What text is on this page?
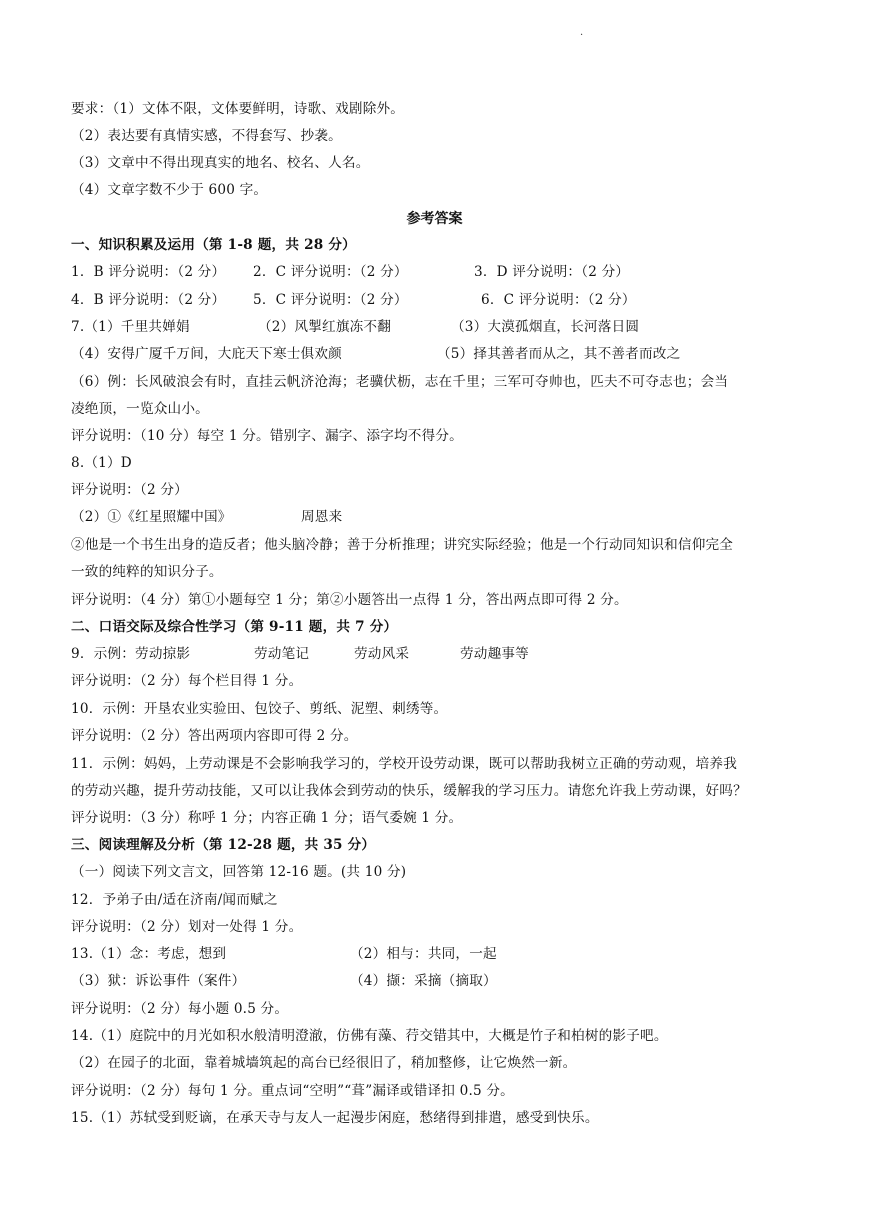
·
要求：（1）文体不限，文体要鲜明，诗歌、戏剧除外。
（2）表达要有真情实感，不得套写、抄袭。
（3）文章中不得出现真实的地名、校名、人名。
（4）文章字数不少于 600 字。
参考答案
一、知识积累及运用（第 1-8 题，共 28 分）
1．B 评分说明：（2 分） 2．C 评分说明：（2 分）	3．D 评分说明：（2 分）
4．B 评分说明：（2 分） 5．C 评分说明：（2 分）	6．C 评分说明：（2 分）
7.（1）千里共婵娟	（2）风掣红旗冻不翻	（3）大漠孤烟直，长河落日圆
（4）安得广厦千万间，大庇天下寒士俱欢颜	（5）择其善者而从之，其不善者而改之
（6）例：长风破浪会有时，直挂云帆济沧海；老骥伏枥，志在千里；三军可夺帅也，匹夫不可夺志也；会当
凌绝顶，一览众山小。
评分说明：（10 分）每空 1 分。错别字、漏字、添字均不得分。
8.（1）D
评分说明：（2 分）
（2）①《红星照耀中国》	周恩来
②他是一个书生出身的造反者；他头脑冷静；善于分析推理；讲究实际经验；他是一个行动同知识和信仰完全
一致的纯粹的知识分子。
评分说明：（4 分）第①小题每空 1 分；第②小题答出一点得 1 分，答出两点即可得 2 分。
二、口语交际及综合性学习（第 9-11 题，共 7 分）
9．示例：劳动掠影	劳动笔记	劳动风采	劳动趣事等
评分说明：（2 分）每个栏目得 1 分。
10．示例：开垦农业实验田、包饺子、剪纸、泥塑、刺绣等。
评分说明：（2 分）答出两项内容即可得 2 分。
11．示例：妈妈，上劳动课是不会影响我学习的，学校开设劳动课，既可以帮助我树立正确的劳动观，培养我
的劳动兴趣，提升劳动技能，又可以让我体会到劳动的快乐，缓解我的学习压力。请您允许我上劳动课，好吗？
评分说明：（3 分）称呼 1 分；内容正确 1 分；语气委婉 1 分。
三、阅读理解及分析（第 12-28 题，共 35 分）
（一）阅读下列文言文，回答第 12-16 题。(共 10 分)
12．予弟子由/适在济南/闻而赋之
评分说明：（2 分）划对一处得 1 分。
13.（1）念：考虑，想到	（2）相与：共同，一起
（3）狱：诉讼事件（案件）	（4）撷：采摘（摘取）
评分说明：（2 分）每小题 0.5 分。
14.（1）庭院中的月光如积水般清明澄澈，仿佛有藻、荇交错其中，大概是竹子和柏树的影子吧。
（2）在园子的北面，靠着城墙筑起的高台已经很旧了，稍加整修，让它焕然一新。
评分说明：（2 分）每句 1 分。重点词“空明”“葺”漏译或错译扣 0.5 分。
15.（1）苏轼受到贬谪，在承天寺与友人一起漫步闲庭，愁绪得到排遣，感受到快乐。
